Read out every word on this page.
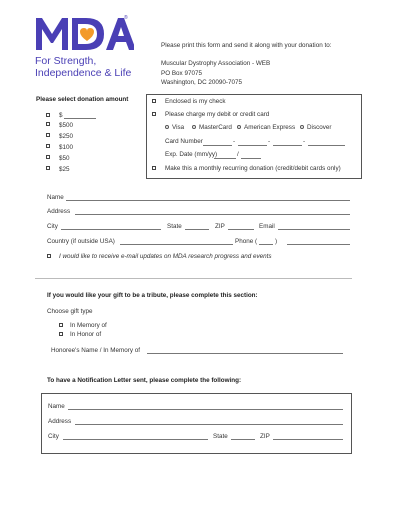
®
For Strength,
Independence & Life
Please print this form and send it along with your donation to:
Muscular Dystrophy Association - WEB
PO Box 97075
Washington, DC 20090-7075
Please select donation amount
$
$500
$250
$100
$50
$25
Enclosed is my check
Please charge my debit or credit card
Visa MasterCard American Express Discover
Card Number	-	-	-
Exp. Date (mm/yy)	/
Make this a monthly recurring donation (credit/debit cards only)
Name
Address
City	State	ZIP	Email
Country (if outside USA)	Phone (	)
I would like to receive e-mail updates on MDA research progress and events
If you would like your gift to be a tribute, please complete this section:
Choose gift type
In Memory of
In Honor of
Honoree's Name / In Memory of
To have a Notification Letter sent, please complete the following:
Name
Address
City	State	ZIP
